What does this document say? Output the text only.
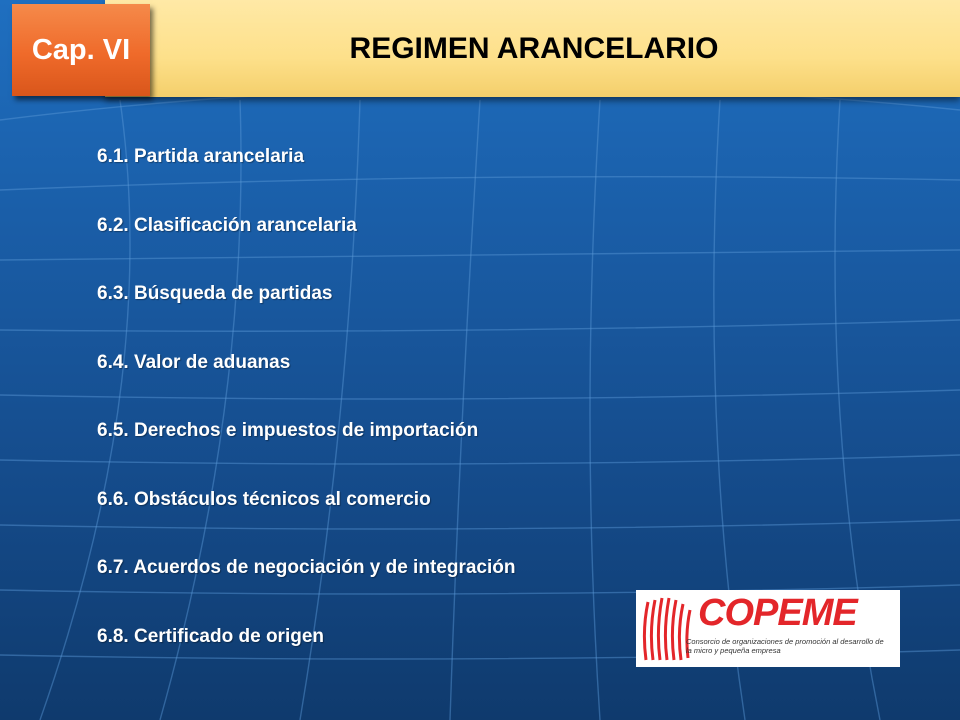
Cap. VI	REGIMEN ARANCELARIO
6.1. Partida arancelaria
6.2. Clasificación arancelaria
6.3. Búsqueda de partidas
6.4. Valor de aduanas
6.5. Derechos e impuestos de importación
6.6. Obstáculos técnicos al comercio
6.7. Acuerdos de negociación y de integración
6.8. Certificado de origen
COPEME
Consorcio de organizaciones de promoción al desarrollo de la micro y pequeña empresa
